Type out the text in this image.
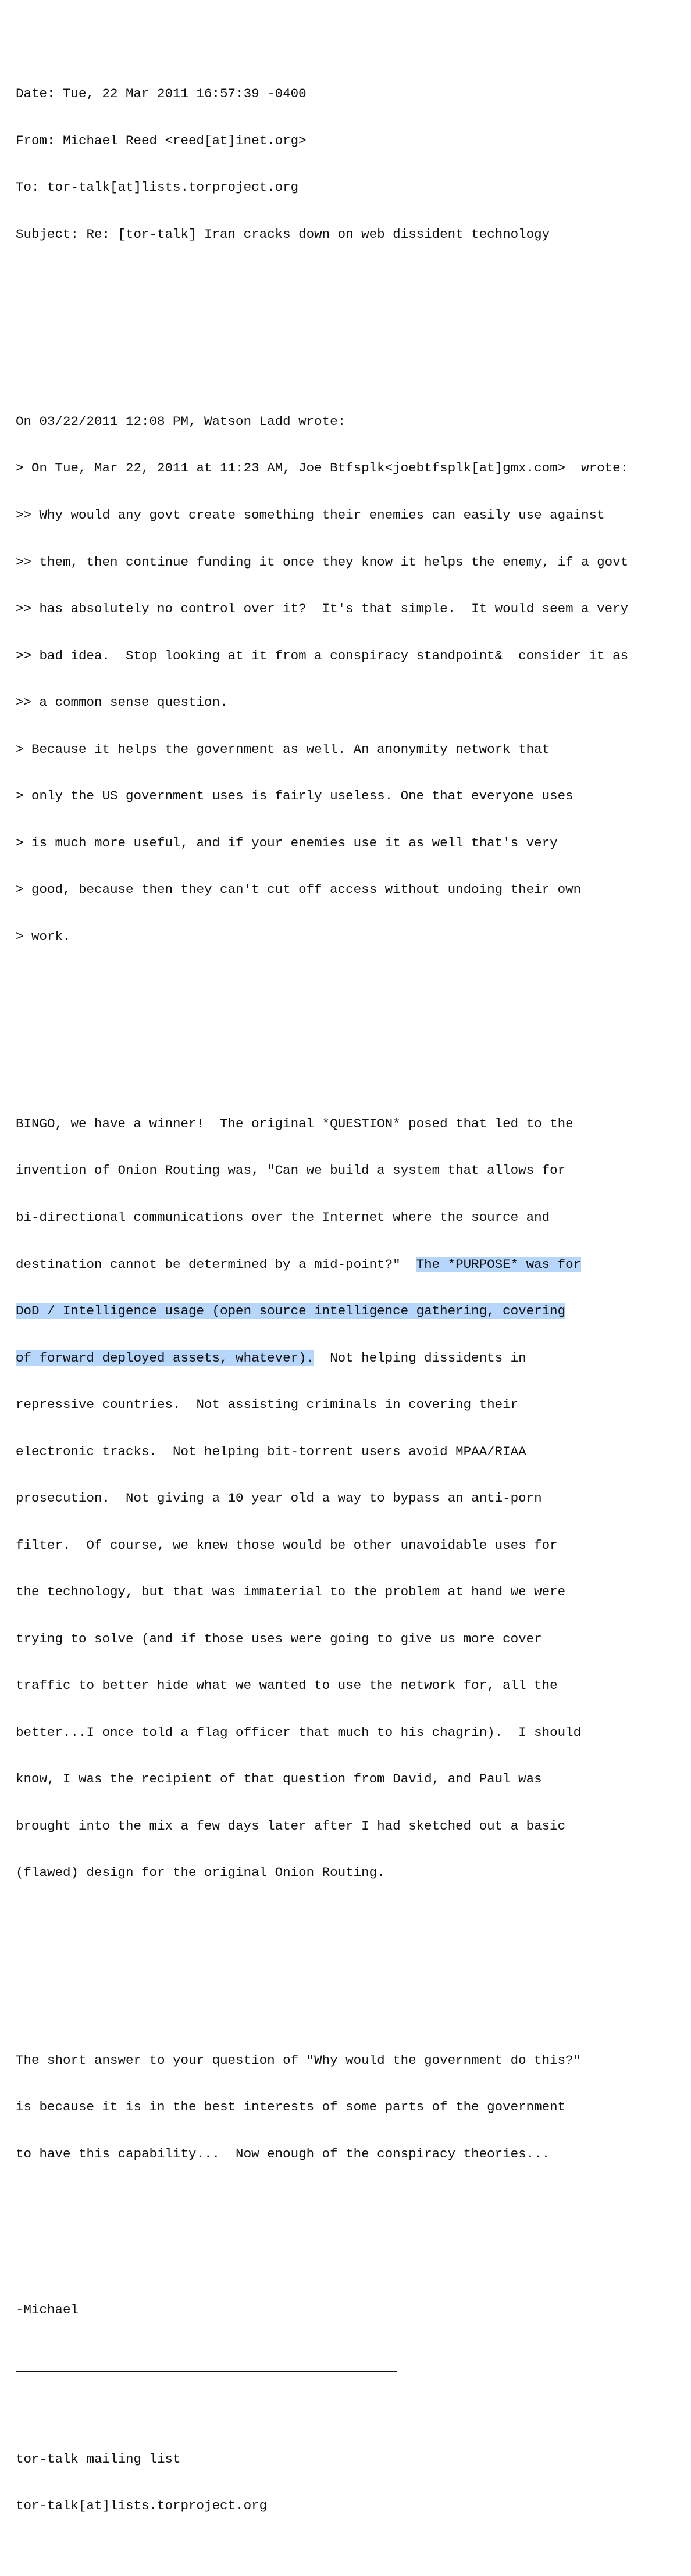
Date: Tue, 22 Mar 2011 16:57:39 -0400

From: Michael Reed <reed[at]inet.org>

To: tor-talk[at]lists.torproject.org

Subject: Re: [tor-talk] Iran cracks down on web dissident technology

On 03/22/2011 12:08 PM, Watson Ladd wrote:

> On Tue, Mar 22, 2011 at 11:23 AM, Joe Btfsplk<joebtfsplk[at]gmx.com>  wrote:

>> Why would any govt create something their enemies can easily use against

>> them, then continue funding it once they know it helps the enemy, if a govt

>> has absolutely no control over it?  It's that simple.  It would seem a very

>> bad idea.  Stop looking at it from a conspiracy standpoint&  consider it as

>> a common sense question.

> Because it helps the government as well. An anonymity network that

> only the US government uses is fairly useless. One that everyone uses

> is much more useful, and if your enemies use it as well that's very

> good, because then they can't cut off access without undoing their own

> work.

BINGO, we have a winner!  The original *QUESTION* posed that led to the

invention of Onion Routing was, "Can we build a system that allows for

bi-directional communications over the Internet where the source and

destination cannot be determined by a mid-point?"  The *PURPOSE* was for

DoD / Intelligence usage (open source intelligence gathering, covering

of forward deployed assets, whatever).  Not helping dissidents in

repressive countries.  Not assisting criminals in covering their

electronic tracks.  Not helping bit-torrent users avoid MPAA/RIAA

prosecution.  Not giving a 10 year old a way to bypass an anti-porn

filter.  Of course, we knew those would be other unavoidable uses for

the technology, but that was immaterial to the problem at hand we were

trying to solve (and if those uses were going to give us more cover

traffic to better hide what we wanted to use the network for, all the

better...I once told a flag officer that much to his chagrin).  I should

know, I was the recipient of that question from David, and Paul was

brought into the mix a few days later after I had sketched out a basic

(flawed) design for the original Onion Routing.

The short answer to your question of "Why would the government do this?"

is because it is in the best interests of some parts of the government

to have this capability...  Now enough of the conspiracy theories...

-Michael

tor-talk mailing list

tor-talk[at]lists.torproject.org
